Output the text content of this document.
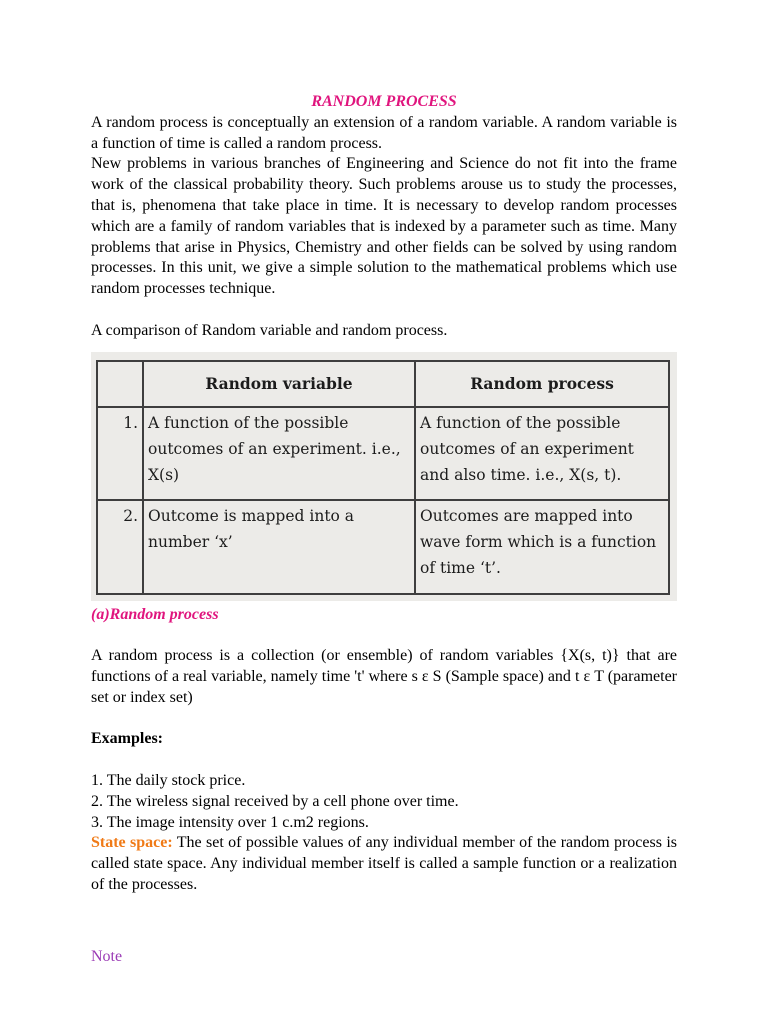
RANDOM PROCESS

A random process is conceptually an extension of a random variable. A random variable is a function of time is called a random process.

New problems in various branches of Engineering and Science do not fit into the frame work of the classical probability theory. Such problems arouse us to study the processes, that is, phenomena that take place in time. It is necessary to develop random processes which are a family of random variables that is indexed by a parameter such as time. Many problems that arise in Physics, Chemistry and other fields can be solved by using random processes. In this unit, we give a simple solution to the mathematical problems which use random processes technique.

A comparison of Random variable and random process.

	Random variable	Random process
1.	A function of the possible outcomes of an experiment. i.e., X(s)	A function of the possible outcomes of an experiment and also time. i.e., X(s, t).
2.	Outcome is mapped into a number ‘x’	Outcomes are mapped into wave form which is a function of time ‘t’.

(a)Random process

A random process is a collection (or ensemble) of random variables {X(s, t)} that are functions of a real variable, namely time 't' where s ε S (Sample space) and t ε T (parameter set or index set)

Examples:

1. The daily stock price.

2. The wireless signal received by a cell phone over time.

3. The image intensity over 1 c.m2 regions.

State space: The set of possible values of any individual member of the random process is called state space. Any individual member itself is called a sample function or a realization of the processes.

Note
